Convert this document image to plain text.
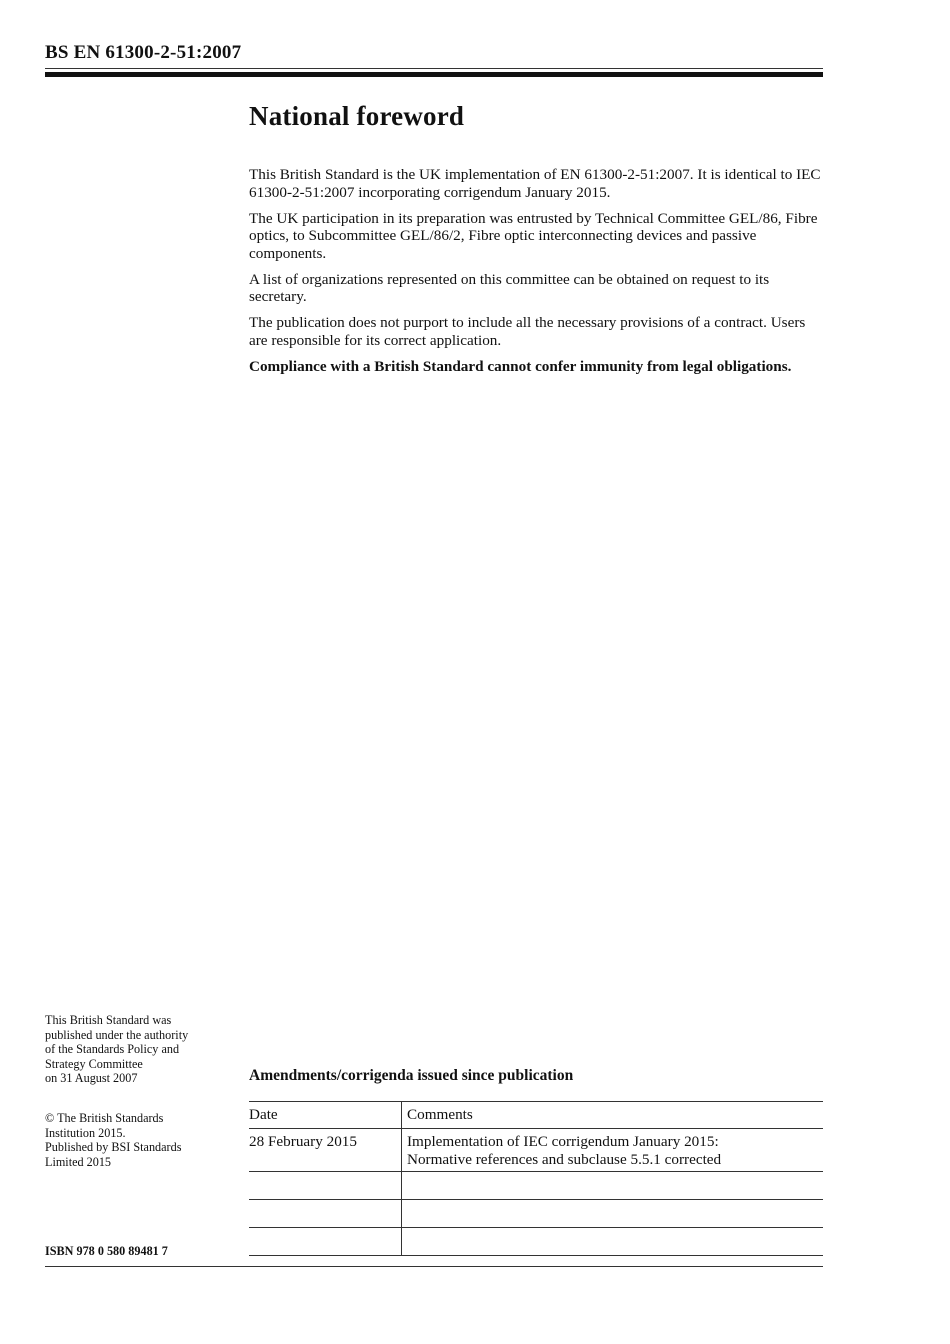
BS EN 61300-2-51:2007
National foreword

This British Standard is the UK implementation of EN 61300-2-51:2007. It is identical to IEC 61300-2-51:2007 incorporating corrigendum January 2015.

The UK participation in its preparation was entrusted by Technical Committee GEL/86, Fibre optics, to Subcommittee GEL/86/2, Fibre optic interconnecting devices and passive components.

A list of organizations represented on this committee can be obtained on request to its secretary.

The publication does not purport to include all the necessary provisions of a contract. Users are responsible for its correct application.

Compliance with a British Standard cannot confer immunity from legal obligations.

This British Standard was

published under the authority

of the Standards Policy and

Strategy Committee

on 31 August 2007

© The British Standards

Institution 2015.

Published by BSI Standards

Limited 2015

ISBN 978 0 580 89481 7
Amendments/corrigenda issued since publication
Date	Comments
28 February 2015	Implementation of IEC corrigendum January 2015:
Normative references and subclause 5.5.1 corrected
